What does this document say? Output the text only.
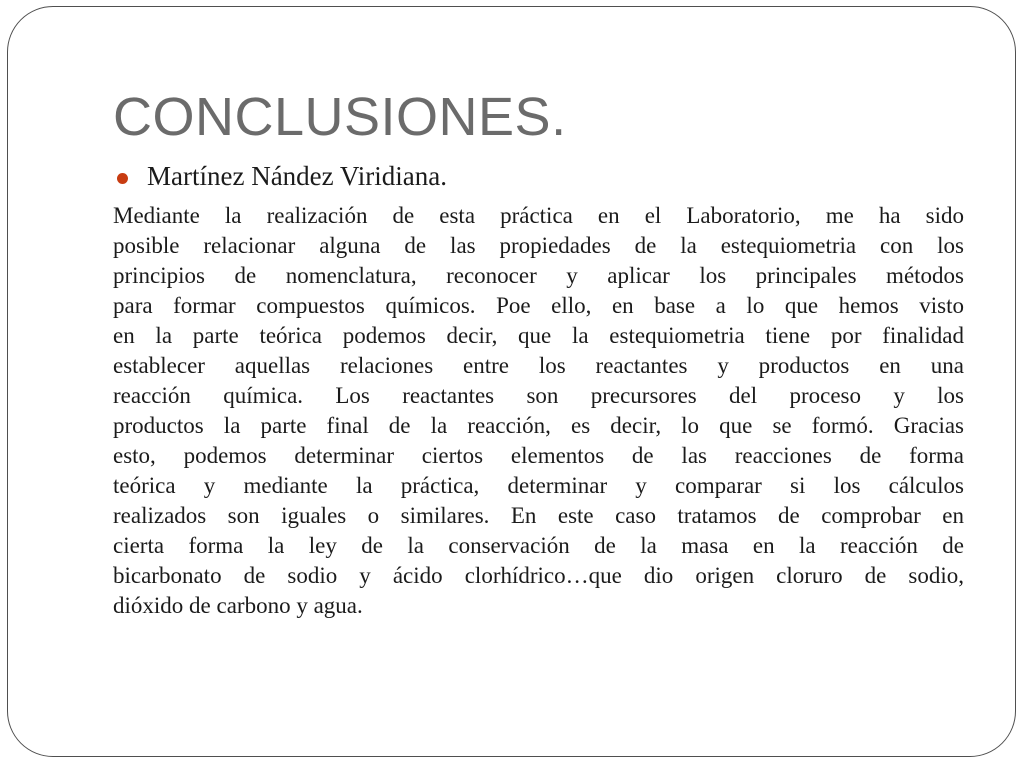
CONCLUSIONES.
Martínez Nández Viridiana.
Mediante la realización de esta práctica en el Laboratorio, me ha sido
posible relacionar alguna de las propiedades de la estequiometria con los
principios de nomenclatura, reconocer y aplicar los principales métodos
para formar compuestos químicos. Poe ello, en base a lo que hemos visto
en la parte teórica podemos decir, que la estequiometria tiene por finalidad
establecer aquellas relaciones entre los reactantes y productos en una
reacción química. Los reactantes son precursores del proceso y los
productos la parte final de la reacción, es decir, lo que se formó. Gracias
esto, podemos determinar ciertos elementos de las reacciones de forma
teórica y mediante la práctica, determinar y comparar si los cálculos
realizados son iguales o similares. En este caso tratamos de comprobar en
cierta forma la ley de la conservación de la masa en la reacción de
bicarbonato de sodio y ácido clorhídrico…que dio origen cloruro de sodio,
dióxido de carbono y agua.
